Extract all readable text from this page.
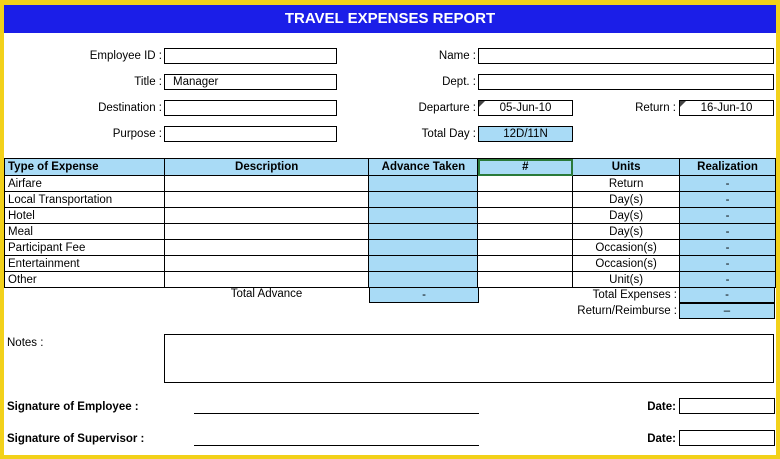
TRAVEL EXPENSES REPORT
Employee ID :
Title : Manager
Destination :
Purpose :
Name :
Dept. :
Departure :	05-Jun-10	Return :	16-Jun-10
Total Day :	12D/11N
Type of Expense	Description	Advance Taken	#	Units	Realization
Airfare				Return	-
Local Transportation				Day(s)	-
Hotel				Day(s)	-
Meal				Day(s)	-
Participant Fee				Occasion(s)	-
Entertainment				Occasion(s)	-
Other				Unit(s)	-
Total Advance	-	Total Expenses :	-
Return/Reimburse :	–
Notes :
Signature of Employee :	Date:
Signature of Supervisor :	Date:
